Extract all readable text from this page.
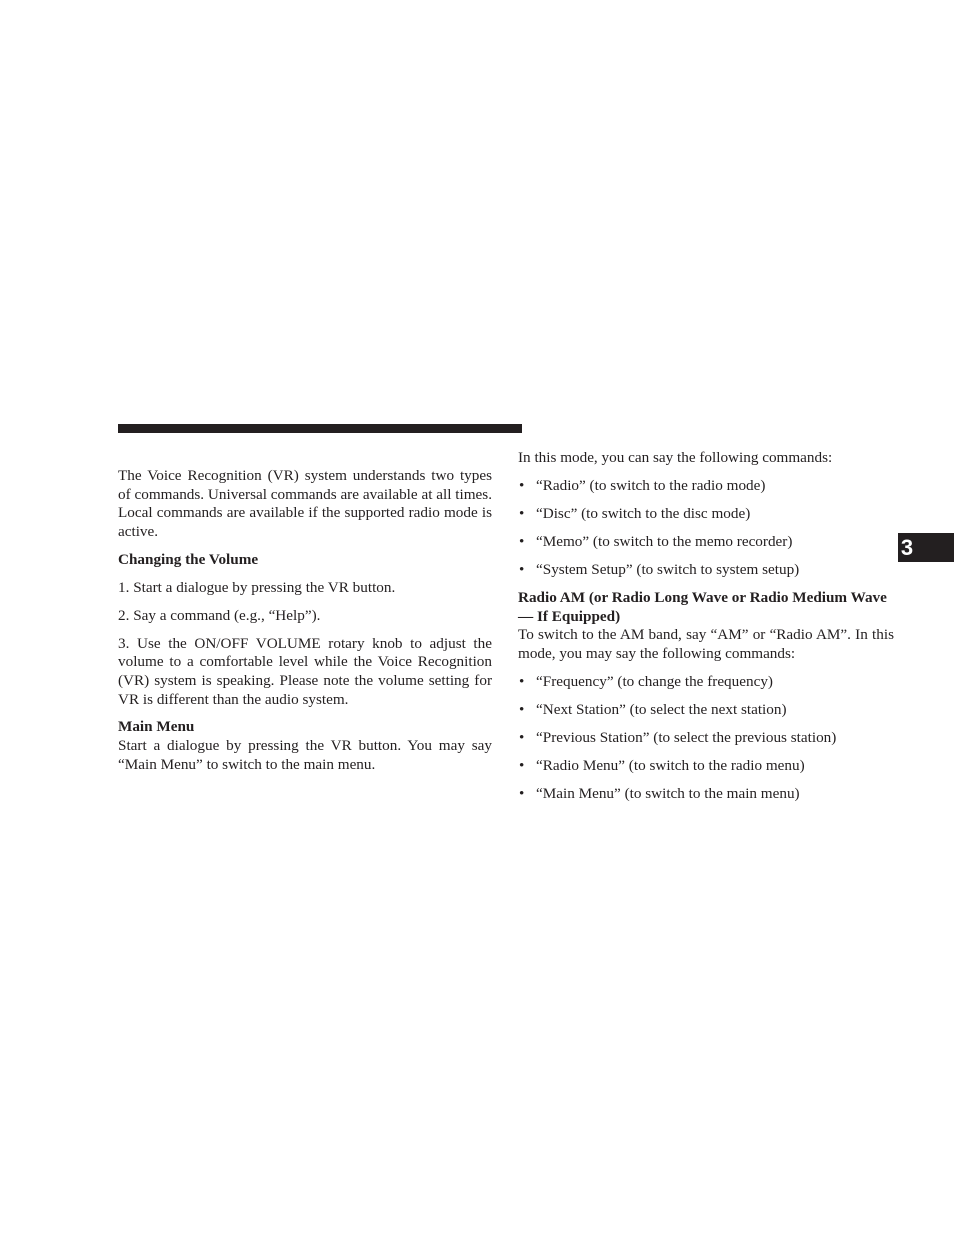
The Voice Recognition (VR) system understands two types of commands. Universal commands are available at all times. Local commands are available if the supported radio mode is active.

Changing the Volume

1. Start a dialogue by pressing the VR button.

2. Say a command (e.g., “Help”).

3. Use the ON/OFF VOLUME rotary knob to adjust the volume to a comfortable level while the Voice Recognition (VR) system is speaking. Please note the volume setting for VR is different than the audio system.

Main Menu

Start a dialogue by pressing the VR button. You may say “Main Menu” to switch to the main menu.

In this mode, you can say the following commands:

• “Radio” (to switch to the radio mode)
• “Disc” (to switch to the disc mode)
• “Memo” (to switch to the memo recorder)
• “System Setup” (to switch to system setup)

Radio AM (or Radio Long Wave or Radio Medium Wave — If Equipped)

To switch to the AM band, say “AM” or “Radio AM”. In this mode, you may say the following commands:

• “Frequency” (to change the frequency)
• “Next Station” (to select the next station)
• “Previous Station” (to select the previous station)
• “Radio Menu” (to switch to the radio menu)
• “Main Menu” (to switch to the main menu)
3
